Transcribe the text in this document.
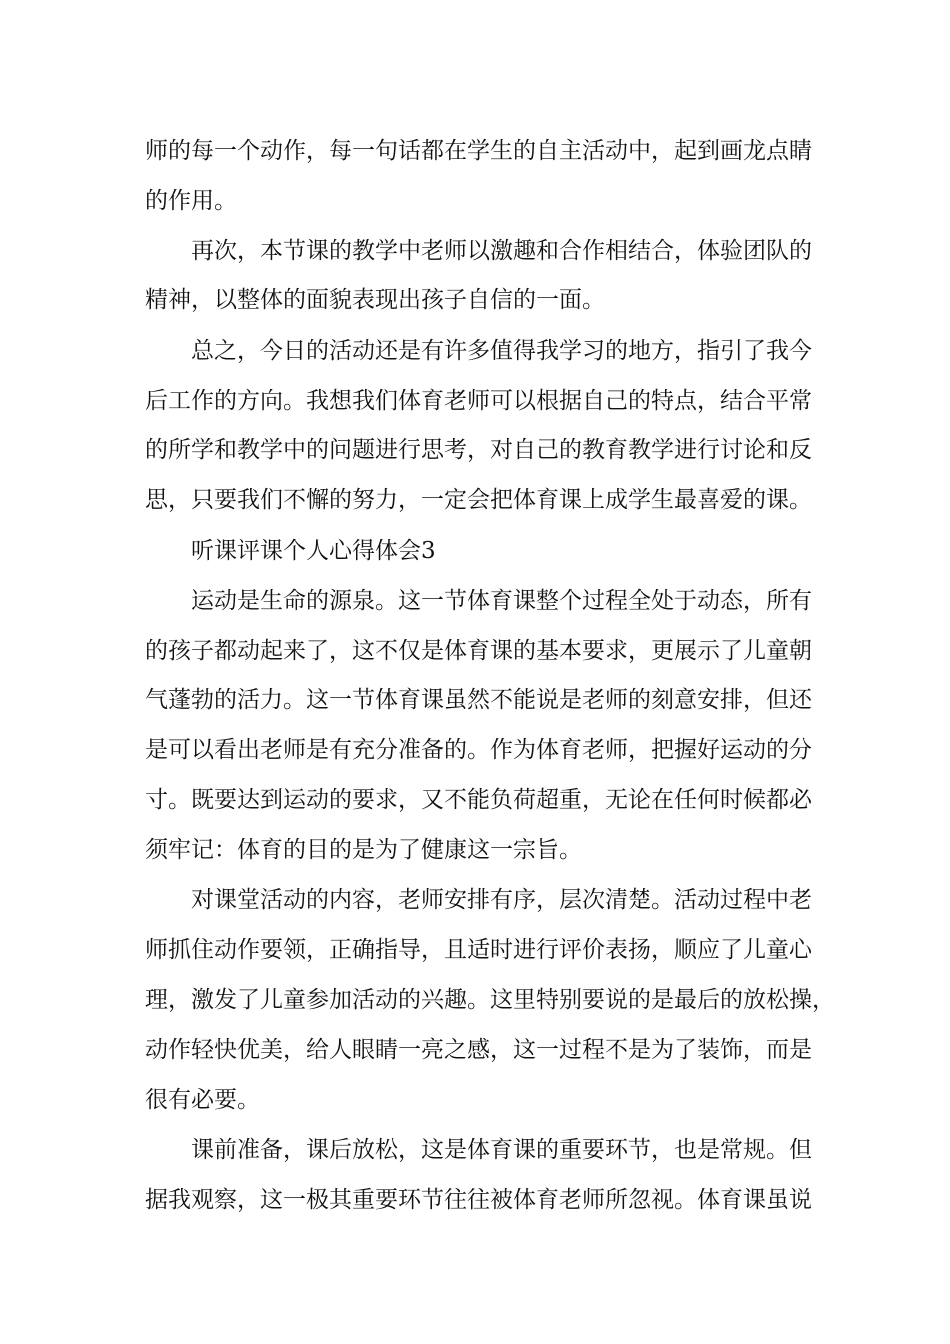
师的每一个动作，每一句话都在学生的自主活动中，起到画龙点睛
的作用。
再次，本节课的教学中老师以激趣和合作相结合，体验团队的
精神，以整体的面貌表现出孩子自信的一面。
总之，今日的活动还是有许多值得我学习的地方，指引了我今
后工作的方向。我想我们体育老师可以根据自己的特点，结合平常
的所学和教学中的问题进行思考，对自己的教育教学进行讨论和反
思，只要我们不懈的努力，一定会把体育课上成学生最喜爱的课。
听课评课个人心得体会3
运动是生命的源泉。这一节体育课整个过程全处于动态，所有
的孩子都动起来了，这不仅是体育课的基本要求，更展示了儿童朝
气蓬勃的活力。这一节体育课虽然不能说是老师的刻意安排，但还
是可以看出老师是有充分准备的。作为体育老师，把握好运动的分
寸。既要达到运动的要求，又不能负荷超重，无论在任何时候都必
须牢记：体育的目的是为了健康这一宗旨。
对课堂活动的内容，老师安排有序，层次清楚。活动过程中老
师抓住动作要领，正确指导，且适时进行评价表扬，顺应了儿童心
理，激发了儿童参加活动的兴趣。这里特别要说的是最后的放松操，
动作轻快优美，给人眼睛一亮之感，这一过程不是为了装饰，而是
很有必要。
课前准备，课后放松，这是体育课的重要环节，也是常规。但
据我观察，这一极其重要环节往往被体育老师所忽视。体育课虽说
